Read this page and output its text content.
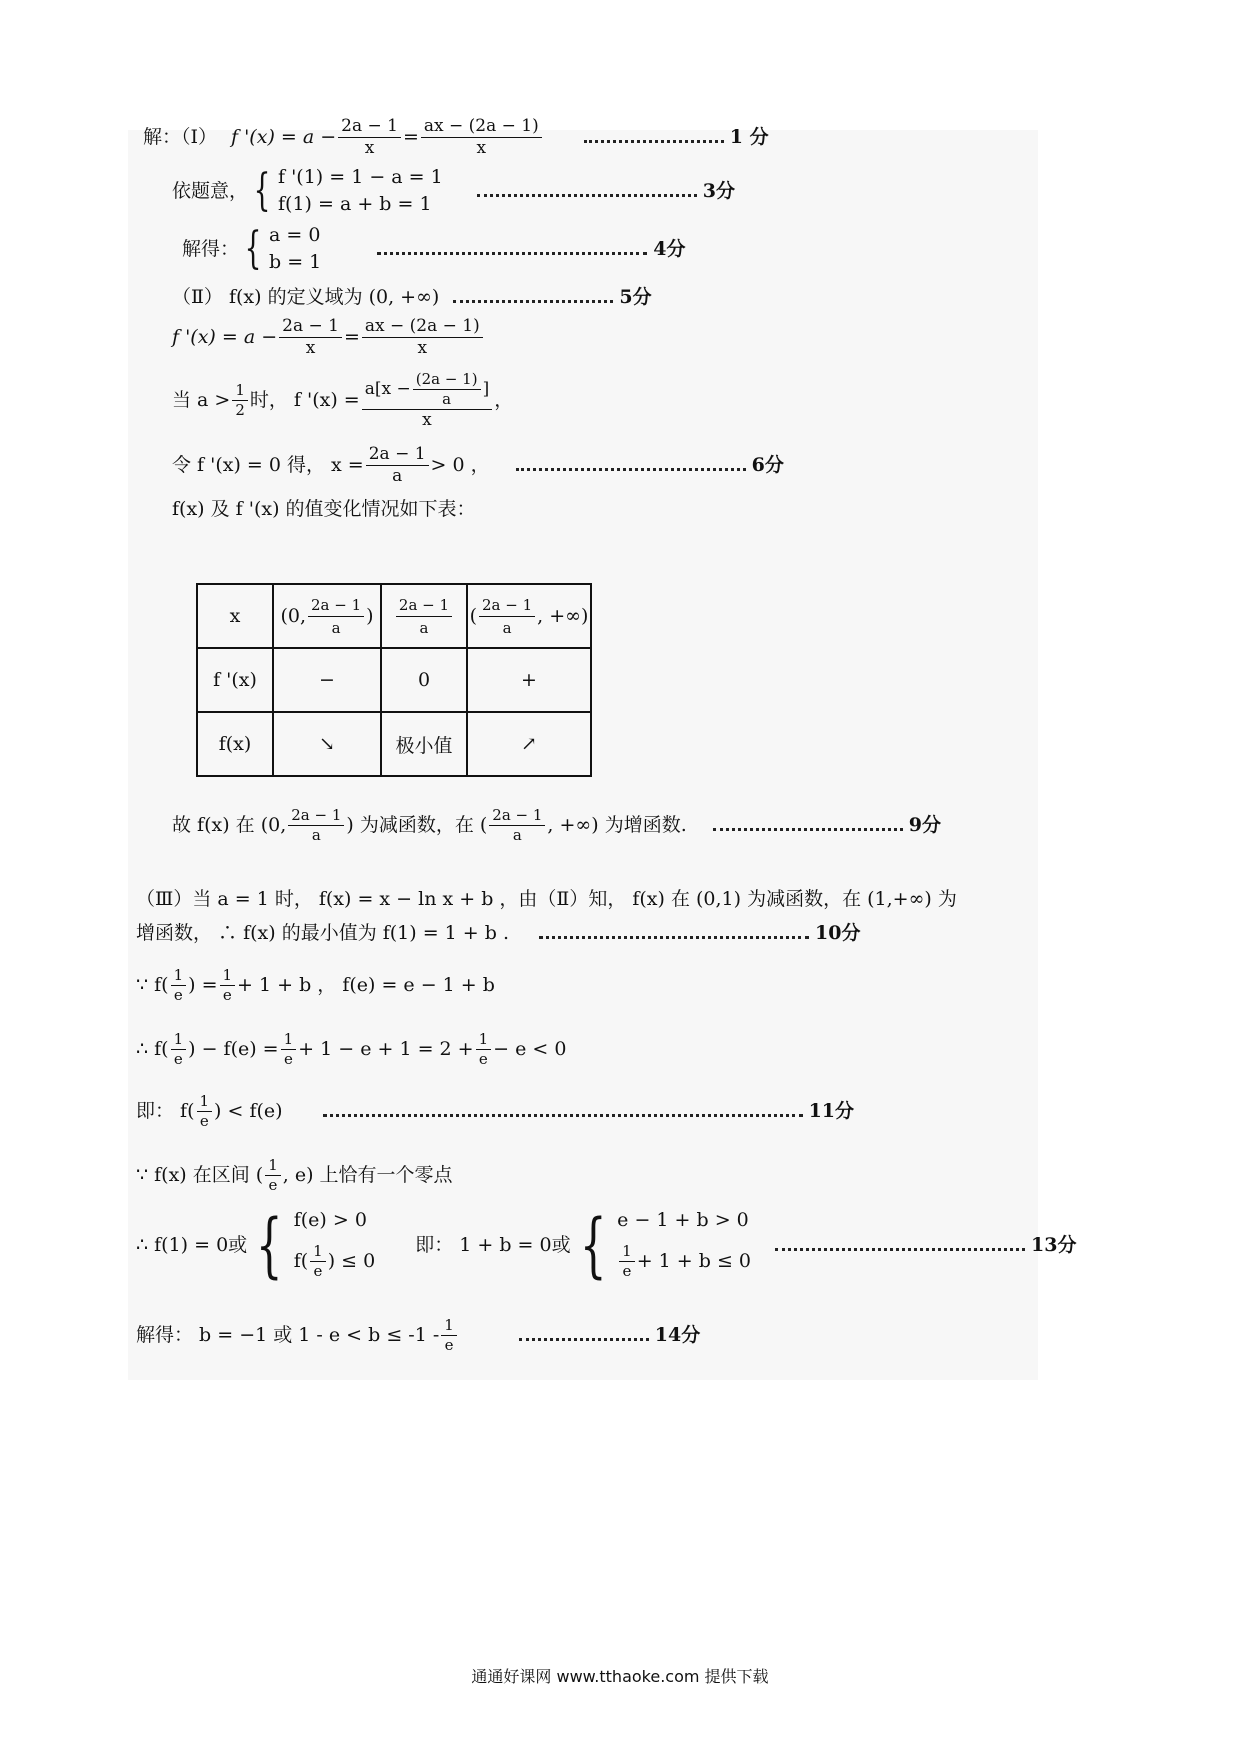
解：（Ⅰ） f '$(x) = a - \frac{2a - 1}{x} = \frac{ax - (2a - 1)}{x}$	1 分
依题意， { f '(1) = 1 − a = 1
f(1) = a + b = 1
3分
解得： { a = 0
b = 1
4分
（Ⅱ） f(x) 的定义域为 (0, +∞)	5分
f '$(x) = a - \frac{2a - 1}{x} = \frac{ax - (2a - 1)}{x}$
当 $a > \frac{1}{2}$ 时， f '$(x) = \frac{a[x - \frac{(2a - 1)}{a} ]}{x}$ ，
令 f '(x) = 0 得， $x = \frac{2a - 1}{a} > 0$ ，	6分
f(x) 及 f '(x) 的值变化情况如下表：
x	(0, $\frac{2a - 1}{a}$ )	$\frac{2a - 1}{a}$	( $\frac{2a - 1}{a}$ , +∞)

f '(x)	−	0	+
f(x)	↘	极小值	↗
故 f(x) 在 (0, $\frac{2a - 1}{a}$ ) 为减函数，在 ( $\frac{2a - 1}{a}$ , +∞) 为增函数.	9分
（Ⅲ）当 a = 1 时， f(x) = x − ln x + b ，由（Ⅱ）知， f(x) 在 (0,1) 为减函数，在 (1,+∞) 为
增函数， ∴ f(x) 的最小值为 f(1) = 1 + b .	10分
∵ $f( \frac{1}{e}$ ) = $\frac{1}{e} + 1 + b$ ， f(e) = e − 1 + b
∴ $f( \frac{1}{e}$ ) − $f(e) = \frac{1}{e} + 1 - e + 1 = 2 + \frac{1}{e} - e < 0$
即： $f( \frac{1}{e}$ ) < f(e)	11分
∵ f(x) 在区间 ( $\frac{1}{e}$ , e) 上恰有一个零点
∴ f(1) = 0或 { f(e) > 0
$f( \frac{1}{e}$ ) ≤ 0
即： 1 + b = 0或 { e − 1 + b > 0
$\frac{1}{e} + 1 + b \le 0$
13分
解得： b = −1 或 $1 - e < b \le -1 - \frac{1}{e}$	14分
通通好课网 www.tthaoke.com 提供下载
